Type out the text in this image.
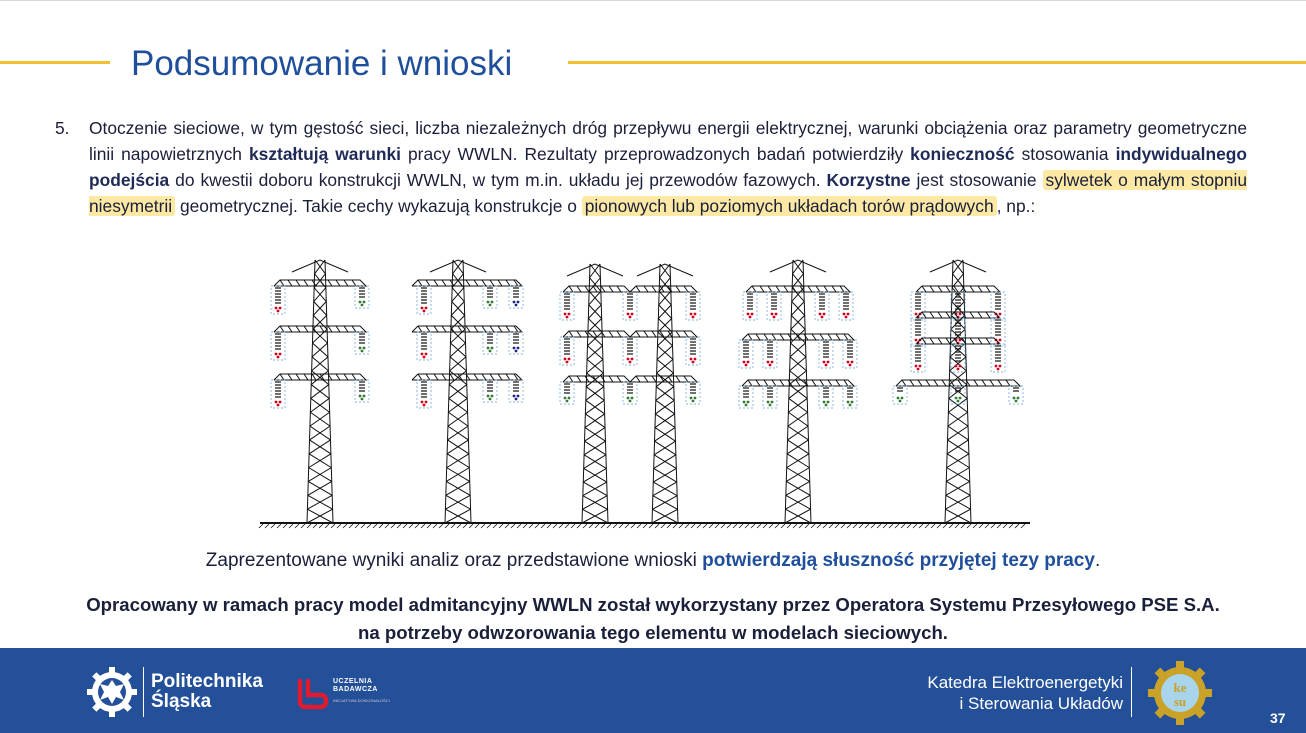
Podsumowanie i wnioski
5. Otoczenie sieciowe, w tym gęstość sieci, liczba niezależnych dróg przepływu energii elektrycznej, warunki obciążenia oraz parametry geometryczne linii napowietrznych kształtują warunki pracy WWLN. Rezultaty przeprowadzonych badań potwierdziły konieczność stosowania indywidualnego podejścia do kwestii doboru konstrukcji WWLN, w tym m.in. układu jej przewodów fazowych. Korzystne jest stosowanie sylwetek o małym stopniu niesymetrii geometrycznej. Takie cechy wykazują konstrukcje o pionowych lub poziomych układach torów prądowych , np.:

Zaprezentowane wyniki analiz oraz przedstawione wnioski potwierdzają słuszność przyjętej tezy pracy.

Opracowany w ramach pracy model admitancyjny WWLN został wykorzystany przez Operatora Systemu Przesyłowego PSE S.A.
na potrzeby odwzorowania tego elementu w modelach sieciowych.
Politechnika
Śląska
UCZELNIA
BADAWCZA
INICJATYWA DOSKONAŁOŚCI
Katedra Elektroenergetyki
i Sterowania Układów
ke
su
37
